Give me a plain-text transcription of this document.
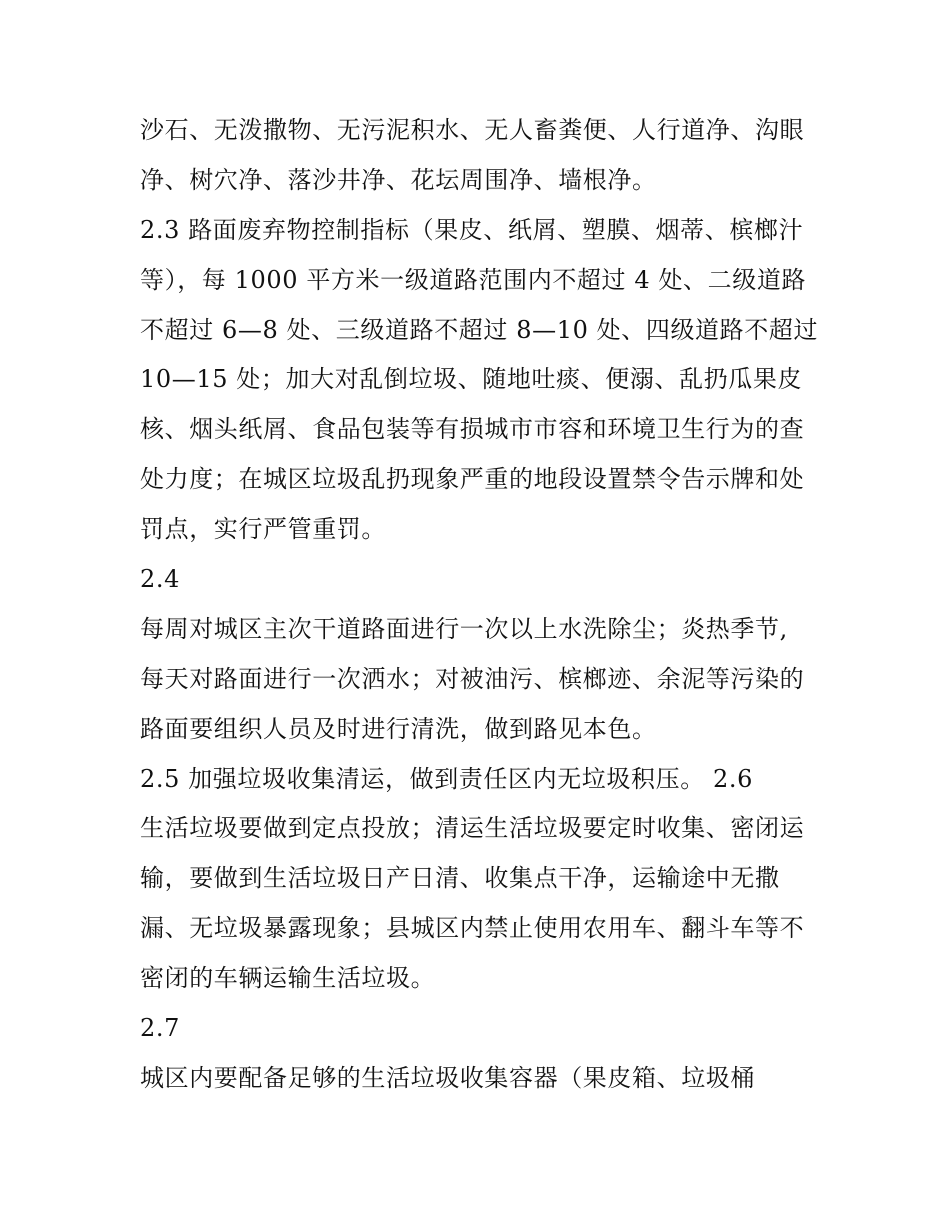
沙石、无泼撒物、无污泥积水、无人畜粪便、人行道净、沟眼
净、树穴净、落沙井净、花坛周围净、墙根净。
2.3 路面废弃物控制指标（果皮、纸屑、塑膜、烟蒂、槟榔汁
等），每 1000 平方米一级道路范围内不超过 4 处、二级道路
不超过 6—8 处、三级道路不超过 8—10 处、四级道路不超过
10—15 处；加大对乱倒垃圾、随地吐痰、便溺、乱扔瓜果皮
核、烟头纸屑、食品包装等有损城市市容和环境卫生行为的查
处力度；在城区垃圾乱扔现象严重的地段设置禁令告示牌和处
罚点，实行严管重罚。
2.4
每周对城区主次干道路面进行一次以上水洗除尘；炎热季节,
每天对路面进行一次洒水；对被油污、槟榔迹、余泥等污染的
路面要组织人员及时进行清洗，做到路见本色。
2.5 加强垃圾收集清运，做到责任区内无垃圾积压。 2.6
生活垃圾要做到定点投放；清运生活垃圾要定时收集、密闭运
输，要做到生活垃圾日产日清、收集点干净，运输途中无撒
漏、无垃圾暴露现象；县城区内禁止使用农用车、翻斗车等不
密闭的车辆运输生活垃圾。
2.7
城区内要配备足够的生活垃圾收集容器（果皮箱、垃圾桶
